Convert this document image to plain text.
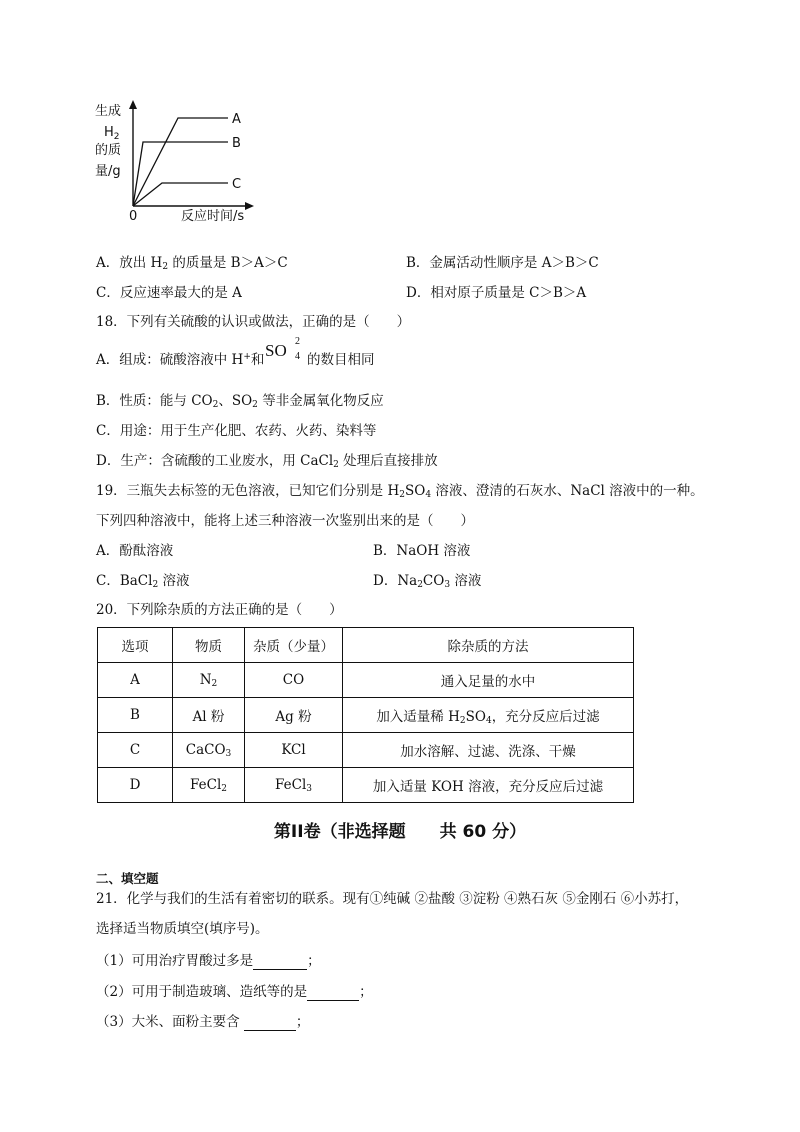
A
B
C
生成
$H_2$
的质
量/g
0	反应时间/s
A．放出 $H_2$ 的质量是 B＞A＞C	B．金属活动性顺序是 A＞B＞C
C．反应速率最大的是 A	D．相对原子质量是 C＞B＞A
18．下列有关硫酸的认识或做法，正确的是（　　）
A．组成：硫酸溶液中 H+和 SO 2
4 的数目相同
B．性质：能与 $CO_2$、$SO_2$ 等非金属氧化物反应
C．用途：用于生产化肥、农药、火药、染料等
D．生产：含硫酸的工业废水，用 CaCl$_2$ 处理后直接排放
19．三瓶失去标签的无色溶液，已知它们分别是 $H_2SO_4$ 溶液、澄清的石灰水、NaCl 溶液中的一种。
下列四种溶液中，能将上述三种溶液一次鉴别出来的是（　　）
A．酚酞溶液	B．NaOH 溶液
C．BaCl$_2$ 溶液	D．$Na_2CO_3$ 溶液
20．下列除杂质的方法正确的是（　　）
选项	物质	杂质（少量）	除杂质的方法
A	$N_2$	CO	通入足量的水中
B	Al 粉	Ag 粉	加入适量稀 $H_2SO_4$，充分反应后过滤
C	CaCO$_3$	KCl	加水溶解、过滤、洗涤、干燥
D	FeCl$_2$	FeCl$_3$	加入适量 KOH 溶液，充分反应后过滤
第II卷（非选择题　　共 60 分）
二、填空题
21．化学与我们的生活有着密切的联系。现有①纯碱 ②盐酸 ③淀粉 ④熟石灰 ⑤金刚石 ⑥小苏打，
选择适当物质填空(填序号)。
（1）可用治疗胃酸过多是	；
（2）可用于制造玻璃、造纸等的是	；
（3）大米、面粉主要含	；
